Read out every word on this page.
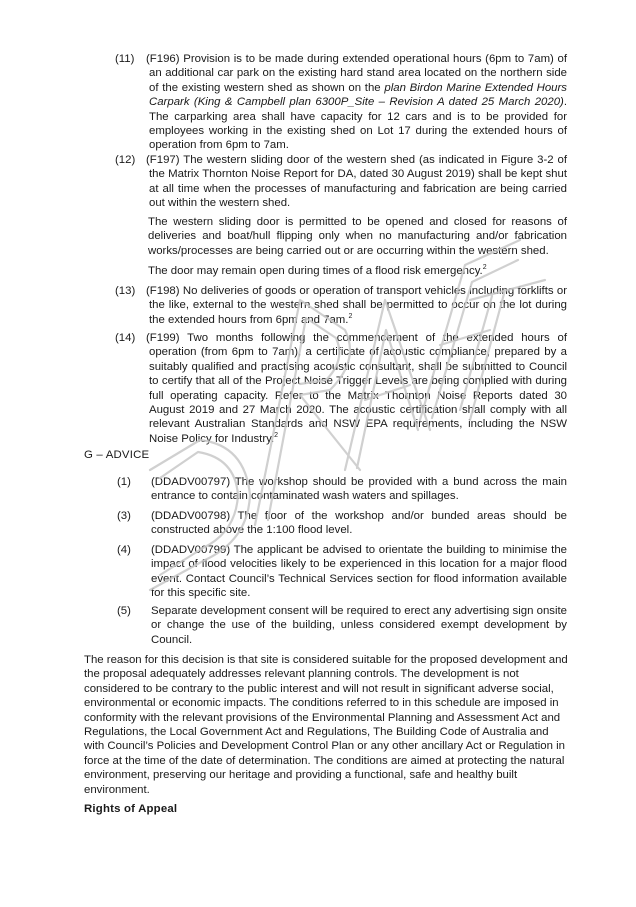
(11)	(F196) Provision is to be made during extended operational hours (6pm to 7am) of an additional car park on the existing hard stand area located on the northern side of the existing western shed as shown on the plan Birdon Marine Extended Hours Carpark (King & Campbell plan 6300P_Site – Revision A dated 25 March 2020). The carparking area shall have capacity for 12 cars and is to be provided for employees working in the existing shed on Lot 17 during the extended hours of operation from 6pm to 7am.
(12) (F197) The western sliding door of the western shed (as indicated in Figure 3-2 of the Matrix Thornton Noise Report for DA, dated 30 August 2019) shall be kept shut at all time when the processes of manufacturing and fabrication are being carried out within the western shed.
The western sliding door is permitted to be opened and closed for reasons of deliveries and boat/hull flipping only when no manufacturing and/or fabrication works/processes are being carried out or are occurring within the western shed.
The door may remain open during times of a flood risk emergency.$^2$
(13) (F198) No deliveries of goods or operation of transport vehicles including forklifts or the like, external to the western shed shall be permitted to occur on the lot during the extended hours from 6pm and 7am.$^2$
(14) (F199) Two months following the commencement of the extended hours of operation (from 6pm to 7am), a certificate of acoustic compliance, prepared by a suitably qualified and practising acoustic consultant, shall be submitted to Council to certify that all of the Project Noise Trigger Levels are being complied with during full operating capacity. Refer to the Matrix Thornton Noise Reports dated 30 August 2019 and 27 March 2020. The acoustic certification shall comply with all relevant Australian Standards and NSW EPA requirements, including the NSW Noise Policy for Industry.$^2$
G – ADVICE
(1)	(DDADV00797) The workshop should be provided with a bund across the main entrance to contain contaminated wash waters and spillages.
(3)	(DDADV00798) The floor of the workshop and/or bunded areas should be constructed above the 1:100 flood level.
(4)	(DDADV00799) The applicant be advised to orientate the building to minimise the impact of flood velocities likely to be experienced in this location for a major flood event. Contact Council’s Technical Services section for flood information available for this specific site.
(5)	Separate development consent will be required to erect any advertising sign onsite or change the use of the building, unless considered exempt development by Council.
The reason for this decision is that site is considered suitable for the proposed development and the proposal adequately addresses relevant planning controls. The development is not considered to be contrary to the public interest and will not result in significant adverse social, environmental or economic impacts. The conditions referred to in this schedule are imposed in conformity with the relevant provisions of the Environmental Planning and Assessment Act and Regulations, the Local Government Act and Regulations, The Building Code of Australia and with Council’s Policies and Development Control Plan or any other ancillary Act or Regulation in force at the time of the date of determination. The conditions are aimed at protecting the natural environment, preserving our heritage and providing a functional, safe and healthy built environment.
Rights of Appeal
